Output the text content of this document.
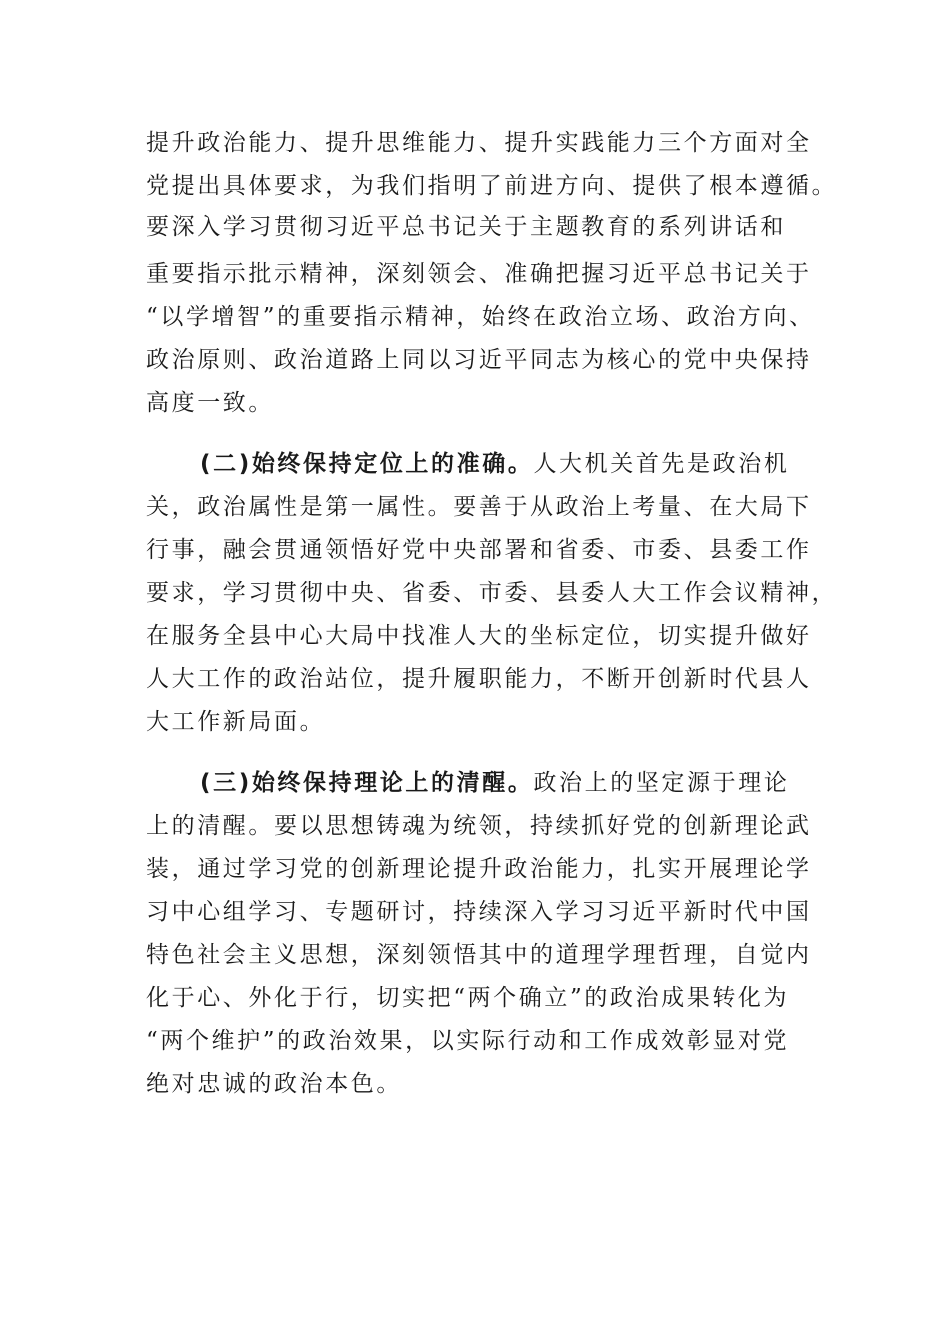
提升政治能力、提升思维能力、提升实践能力三个方面对全
党提出具体要求，为我们指明了前进方向、提供了根本遵循。
要深入学习贯彻习近平总书记关于主题教育的系列讲话和
重要指示批示精神，深刻领会、准确把握习近平总书记关于
“以学增智”的重要指示精神，始终在政治立场、政治方向、
政治原则、政治道路上同以习近平同志为核心的党中央保持
高度一致。
(二)始终保持定位上的准确。人大机关首先是政治机
关，政治属性是第一属性。要善于从政治上考量、在大局下
行事，融会贯通领悟好党中央部署和省委、市委、县委工作
要求，学习贯彻中央、省委、市委、县委人大工作会议精神，
在服务全县中心大局中找准人大的坐标定位，切实提升做好
人大工作的政治站位，提升履职能力，不断开创新时代县人
大工作新局面。
(三)始终保持理论上的清醒。政治上的坚定源于理论
上的清醒。要以思想铸魂为统领，持续抓好党的创新理论武
装，通过学习党的创新理论提升政治能力，扎实开展理论学
习中心组学习、专题研讨，持续深入学习习近平新时代中国
特色社会主义思想，深刻领悟其中的道理学理哲理，自觉内
化于心、外化于行，切实把“两个确立”的政治成果转化为
“两个维护”的政治效果，以实际行动和工作成效彰显对党
绝对忠诚的政治本色。
